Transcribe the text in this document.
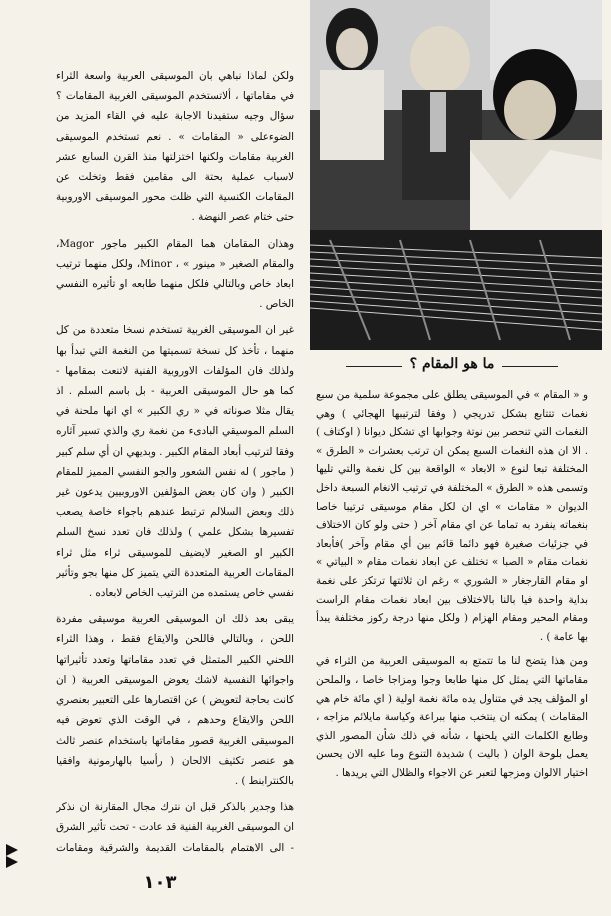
ما هو المقام ؟

و « المقام » في الموسيقى يطلق على مجموعة سلمية من سبع نغمات تتتابع بشكل تدريجي ( وفقا لترتيبها الهجائي ) وهي النغمات التي تنحصر بين نوتة وجوابها اي تشكل ديوانا ( اوكتاف ) . الا ان هذه النغمات السبع يمكن ان ترتب بعشرات « الطرق » المختلفة تبعا لنوع « الابعاد » الواقعة بين كل نغمة والتي تليها وتسمى هذه « الطرق » المختلفة في ترتيب الانغام السبعة داخل الديوان « مقامات » اي ان لكل مقام موسيقى ترتيبا خاصا بنغماته ينفرد به تماما عن اي مقام آخر ( حتى ولو كان الاختلاف في جزئيات صغيرة فهو دائما قائم بين أي مقام وآخر )فأبعاد نغمات مقام « الصبا » تختلف عن ابعاد نغمات مقام « البياتي » او مقام القارجغار « الشوري » رغم ان ثلاثتها ترتكز على نغمة بداية واحدة فيا بالنا بالاختلاف بين ابعاد نغمات مقام الراست ومقام المحير ومقام الهزام ( ولكل منها درجة ركوز مختلفة يبدأ بها عامة ) .

ومن هذا يتضح لنا ما تتمتع به الموسيقى العربية من الثراء في مقاماتها التي يمثل كل منها طابعا وجوا ومزاجا خاصا ، والملحن او المؤلف يجد في متناول يده مائة نغمة اولية ( اي مائة خام هي المقامات ) يمكنه ان ينتخب منها ببراعة وكياسة مايلائم مزاجه ، وطابع الكلمات التي يلحنها ، شأنه في ذلك شأن المصور الذي يعمل بلوحة الوان ( باليت ) شديدة التنوع وما عليه الان يحسن اختيار الالوان ومزجها لتعبر عن الاجواء والظلال التي يريدها .

ولكن لماذا نباهي بان الموسيقى العربية واسعة الثراء في مقاماتها ، ألاتستخدم الموسيقى الغربية المقامات ؟ سؤال وجيه ستفيدنا الاجابة عليه في القاء المزيد من الضوءعلى « المقامات » . نعم تستخدم الموسيقى الغربية مقامات ولكنها اختزلتها منذ القرن السابع عشر لاسباب عملية بحتة الى مقامين فقط وتخلت عن المقامات الكنسية التي ظلت محور الموسيقى الاوروبية حتى ختام عصر النهضة .

وهذان المقامان هما المقام الكبير ماجور Magor، والمقام الصغير « مينور » ، Minor، ولكل منهما ترتيب ابعاد خاص وبالتالي فلكل منهما طابعه او تأثيره النفسي الخاص .

غير ان الموسيقى الغربية تستخدم نسخا متعددة من كل منهما ، تأخذ كل نسخة تسميتها من النغمة التي تبدأ بها ولذلك فان المؤلفات الاوروبية الفنية لاتنعت بمقامها - كما هو حال الموسيقى العربية - بل باسم السلم . اذ يقال مثلا صوناته في « ري الكبير » اي انها ملحنة في السلم الموسيقي البادىء من نغمة ري والذي تسير آثاره وفقا لترتيب أبعاد المقام الكبير . وبديهي ان أي سلم كبير ( ماجور ) له نفس الشعور والجو النفسي المميز للمقام الكبير ( وان كان بعض المؤلفين الاوروبيين يدعون غير ذلك وبعض السلالم ترتبط عندهم باجواء خاصة يصعب تفسيرها بشكل علمي ) ولذلك فان تعدد نسخ السلم الكبير او الصغير لايضيف للموسيقى ثراء مثل ثراء المقامات العربية المتعددة التي يتميز كل منها بجو وتأثير نفسي خاص يستمده من الترتيب الخاص لابعاده .

يبقى بعد ذلك ان الموسيقى العربية موسيقى مفردة اللحن ، وبالتالي فاللحن والايقاع فقط ، وهذا الثراء اللحني الكبير المتمثل في تعدد مقاماتها وتعدد تأثيراتها واجوائها النفسية لاشك يعوض الموسيقى العربية ( ان كانت بحاجة لتعويض ) عن اقتصارها على التعبير بعنصري اللحن والايقاع وحدهم ، في الوقت الذي تعوض فيه الموسيقى الغربية قصور مقاماتها باستخدام عنصر ثالث هو عنصر تكثيف الالحان ( رأسيا بالهارمونية وافقيا بالكنترابنط ) .

هذا وجدير بالذكر قبل ان نترك مجال المقارنة ان نذكر ان الموسيقى الغربية الفنية قد عادت - تحت تأثير الشرق - الى الاهتمام بالمقامات القديمة والشرقية ومقامات

١٠٣
